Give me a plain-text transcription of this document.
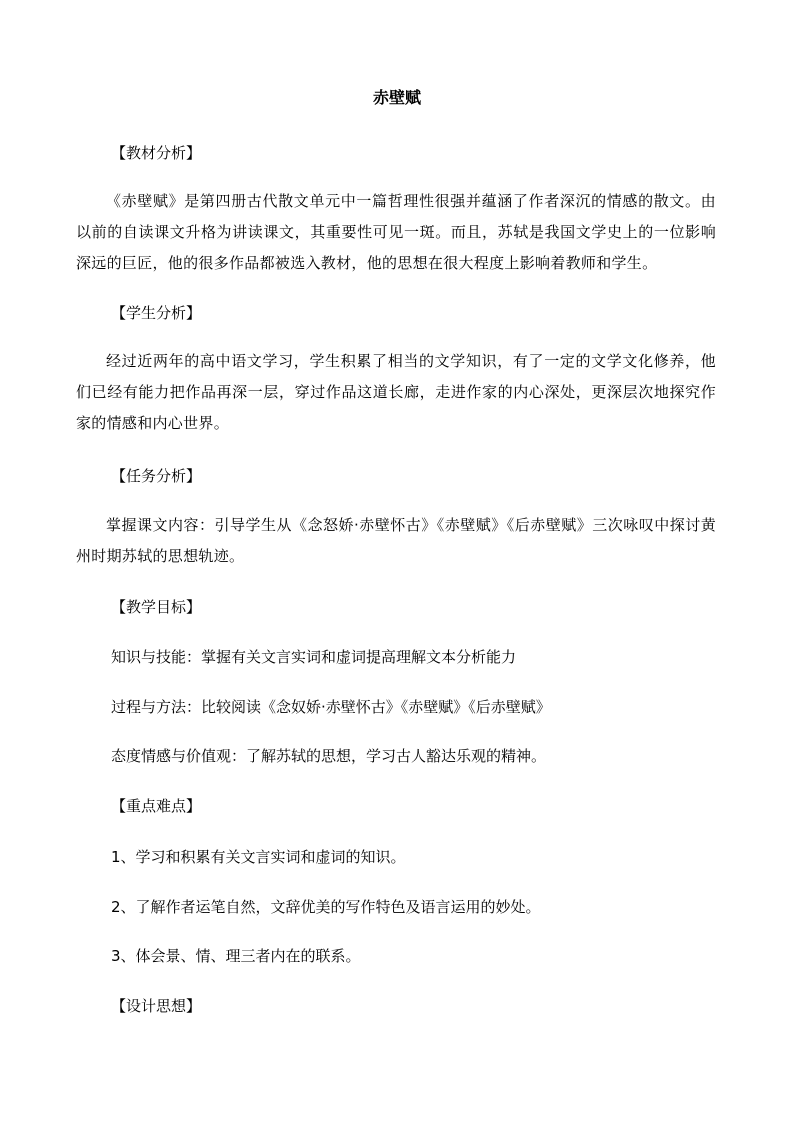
赤壁赋
【教材分析】
《赤壁赋》是第四册古代散文单元中一篇哲理性很强并蕴涵了作者深沉的情感的散文。由以前的自读课文升格为讲读课文，其重要性可见一斑。而且，苏轼是我国文学史上的一位影响深远的巨匠，他的很多作品都被选入教材，他的思想在很大程度上影响着教师和学生。
【学生分析】
经过近两年的高中语文学习，学生积累了相当的文学知识，有了一定的文学文化修养，他们已经有能力把作品再深一层，穿过作品这道长廊，走进作家的内心深处，更深层次地探究作家的情感和内心世界。
【任务分析】
掌握课文内容：引导学生从《念怒娇·赤壁怀古》《赤壁赋》《后赤壁赋》三次咏叹中探讨黄州时期苏轼的思想轨迹。
【教学目标】
知识与技能：掌握有关文言实词和虚词提高理解文本分析能力
过程与方法：比较阅读《念奴娇·赤壁怀古》《赤壁赋》《后赤壁赋》
态度情感与价值观：了解苏轼的思想，学习古人豁达乐观的精神。
【重点难点】
1、学习和积累有关文言实词和虚词的知识。
2、了解作者运笔自然，文辞优美的写作特色及语言运用的妙处。
3、体会景、情、理三者内在的联系。
【设计思想】
